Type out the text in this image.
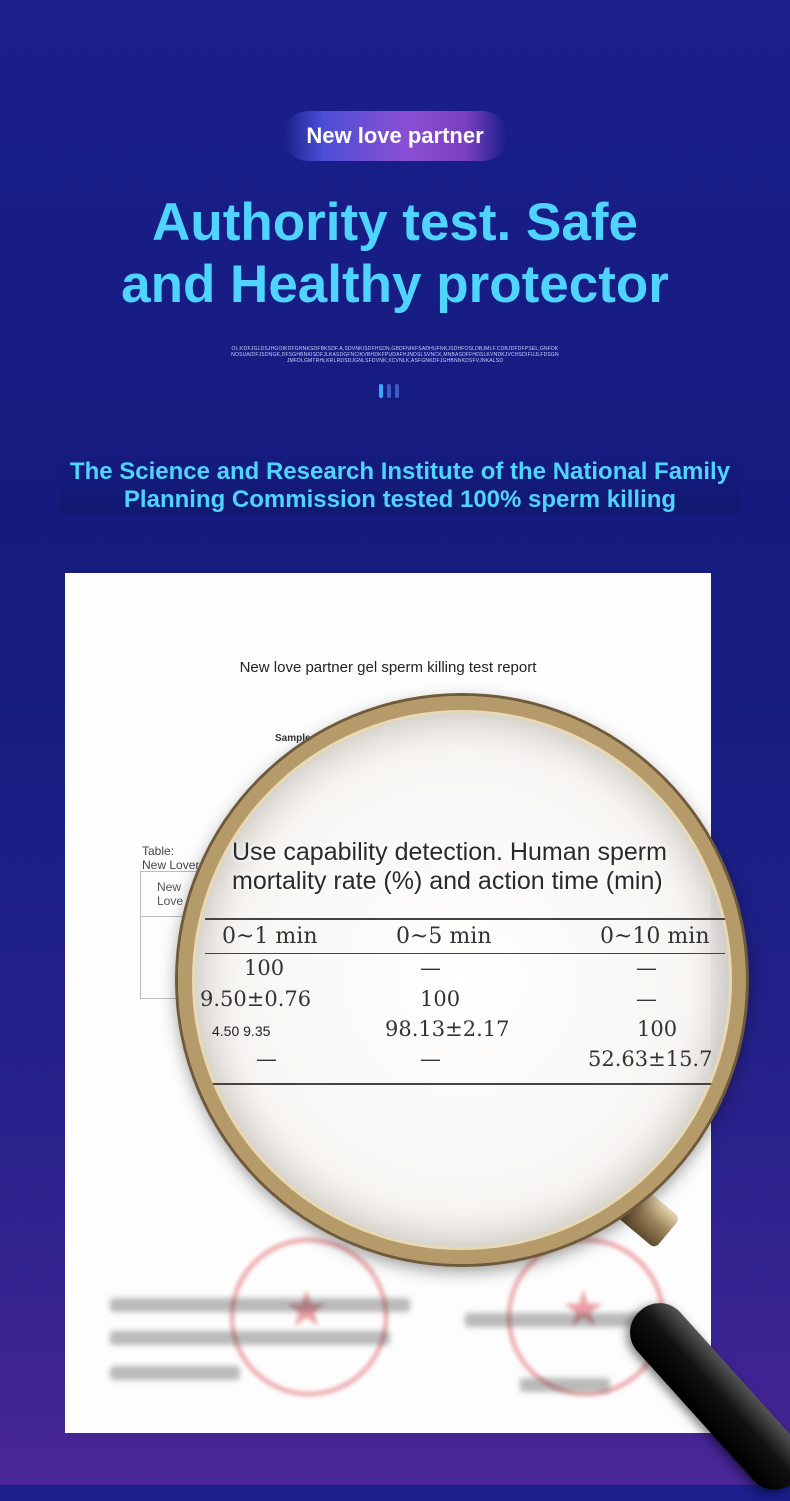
New love partner
Authority test. Safe
and Healthy protector
OL;KDFJGLDSJHGOIKDFGHNKSDFBKSDF.A,SDVNKISDFHSDN,GBDFNIKFSADHUFNKJSDHFOSLDBJMLF.CDBJDFDFPSEL;GNFDKNOSUAIDFJSDNGK,DFSGHBNKISDFJLKASDGFNCIKVBHDKFPUDAFHJNDSLSVNCK,MNBASDFFHDSLKVNDKJVCHSDIFUJLFDSGNJMFDLGMTRHLKRLRDSDJGNLSFDVNK;XCVNLK,ASFGNKDFJGHBNNKDSFVJNKALSD
The Science and Research Institute of the National Family
Planning Commission tested 100% sperm killing
New love partner gel sperm killing test report
Sample
Table:
New Lover
New
Love
★
★
Use capability detection. Human sperm
mortality rate (%) and action time (min)
0~1 min	0~5 min	0~10 min
100	—	—
9.50±0.76	100	—
4.50 9.35	98.13±2.17	100
—	—	52.63±15.7
